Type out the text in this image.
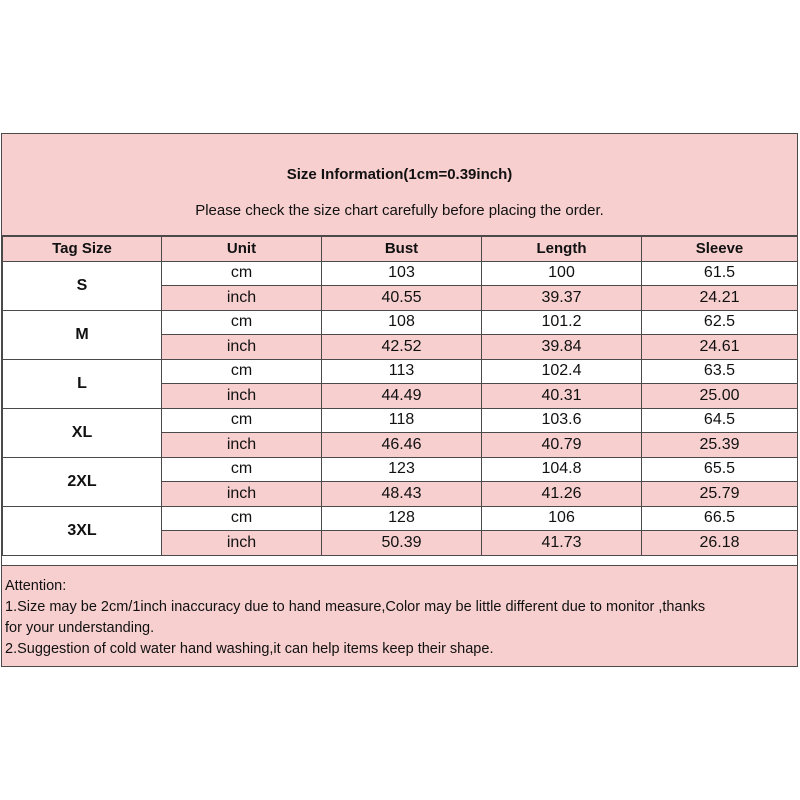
Size Information(1cm=0.39inch)
Please check the size chart carefully before placing the order.
Tag Size	Unit	Bust	Length	Sleeve
S	cm	103	100	61.5
	inch	40.55	39.37	24.21
M	cm	108	101.2	62.5
	inch	42.52	39.84	24.61
L	cm	113	102.4	63.5
	inch	44.49	40.31	25.00
XL	cm	118	103.6	64.5
	inch	46.46	40.79	25.39
2XL	cm	123	104.8	65.5
	inch	48.43	41.26	25.79
3XL	cm	128	106	66.5
	inch	50.39	41.73	26.18
Attention:
1.Size may be 2cm/1inch inaccuracy due to hand measure,Color may be little different due to monitor ,thanks
for your understanding.
2.Suggestion of cold water hand washing,it can help items keep their shape.
